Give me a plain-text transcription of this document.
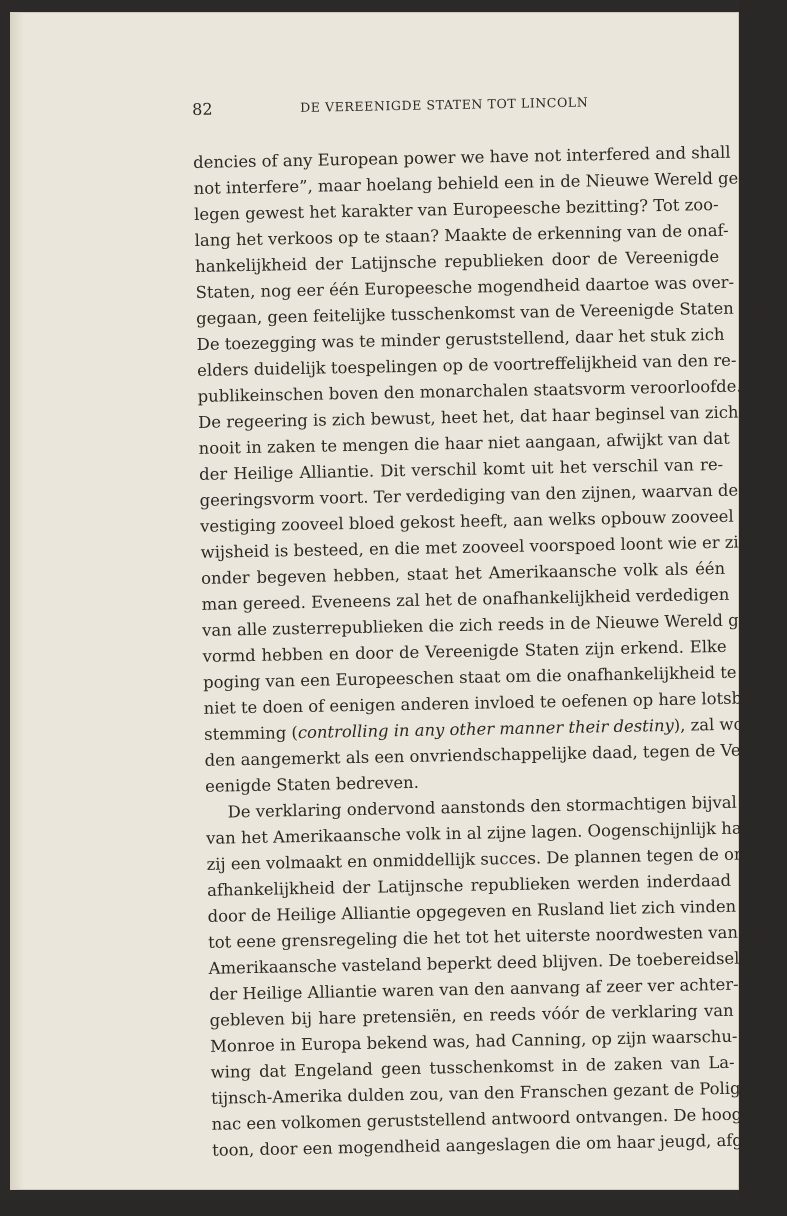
82	DE VEREENIGDE STATEN TOT LINCOLN
dencies of any European power we have not interfered and shall
not interfere”, maar hoelang behield een in de Nieuwe Wereld ge-
legen gewest het karakter van Europeesche bezitting? Tot zoo-
lang het verkoos op te staan? Maakte de erkenning van de onaf-
hankelijkheid der Latijnsche republieken door de Vereenigde
Staten, nog eer één Europeesche mogendheid daartoe was over-
gegaan, geen feitelijke tusschenkomst van de Vereenigde Staten uit?
De toezegging was te minder geruststellend, daar het stuk zich
elders duidelijk toespelingen op de voortreffelijkheid van den re-
publikeinschen boven den monarchalen staatsvorm veroorloofde.
De regeering is zich bewust, heet het, dat haar beginsel van zich
nooit in zaken te mengen die haar niet aangaan, afwijkt van dat
der Heilige Alliantie. Dit verschil komt uit het verschil van re-
geeringsvorm voort. Ter verdediging van den zijnen, waarvan de
vestiging zooveel bloed gekost heeft, aan welks opbouw zooveel
wijsheid is besteed, en die met zooveel voorspoed loont wie er zich
onder begeven hebben, staat het Amerikaansche volk als één
man gereed. Eveneens zal het de onafhankelijkheid verdedigen
van alle zusterrepublieken die zich reeds in de Nieuwe Wereld ge-
vormd hebben en door de Vereenigde Staten zijn erkend. Elke
poging van een Europeeschen staat om die onafhankelijkheid te
niet te doen of eenigen anderen invloed te oefenen op hare lotsbe-
stemming (controlling in any other manner their destiny), zal wor-
den aangemerkt als een onvriendschappelijke daad, tegen de Ver-
eenigde Staten bedreven.
De verklaring ondervond aanstonds den stormachtigen bijval
van het Amerikaansche volk in al zijne lagen. Oogenschijnlijk had
zij een volmaakt en onmiddellijk succes. De plannen tegen de on-
afhankelijkheid der Latijnsche republieken werden inderdaad
door de Heilige Alliantie opgegeven en Rusland liet zich vinden
tot eene grensregeling die het tot het uiterste noordwesten van het
Amerikaansche vasteland beperkt deed blijven. De toebereidselen
der Heilige Alliantie waren van den aanvang af zeer ver achter-
gebleven bij hare pretensiën, en reeds vóór de verklaring van
Monroe in Europa bekend was, had Canning, op zijn waarschu-
wing dat Engeland geen tusschenkomst in de zaken van La-
tijnsch-Amerika dulden zou, van den Franschen gezant de Polig-
nac een volkomen geruststellend antwoord ontvangen. De hooge
toon, door een mogendheid aangeslagen die om haar jeugd, afge-
